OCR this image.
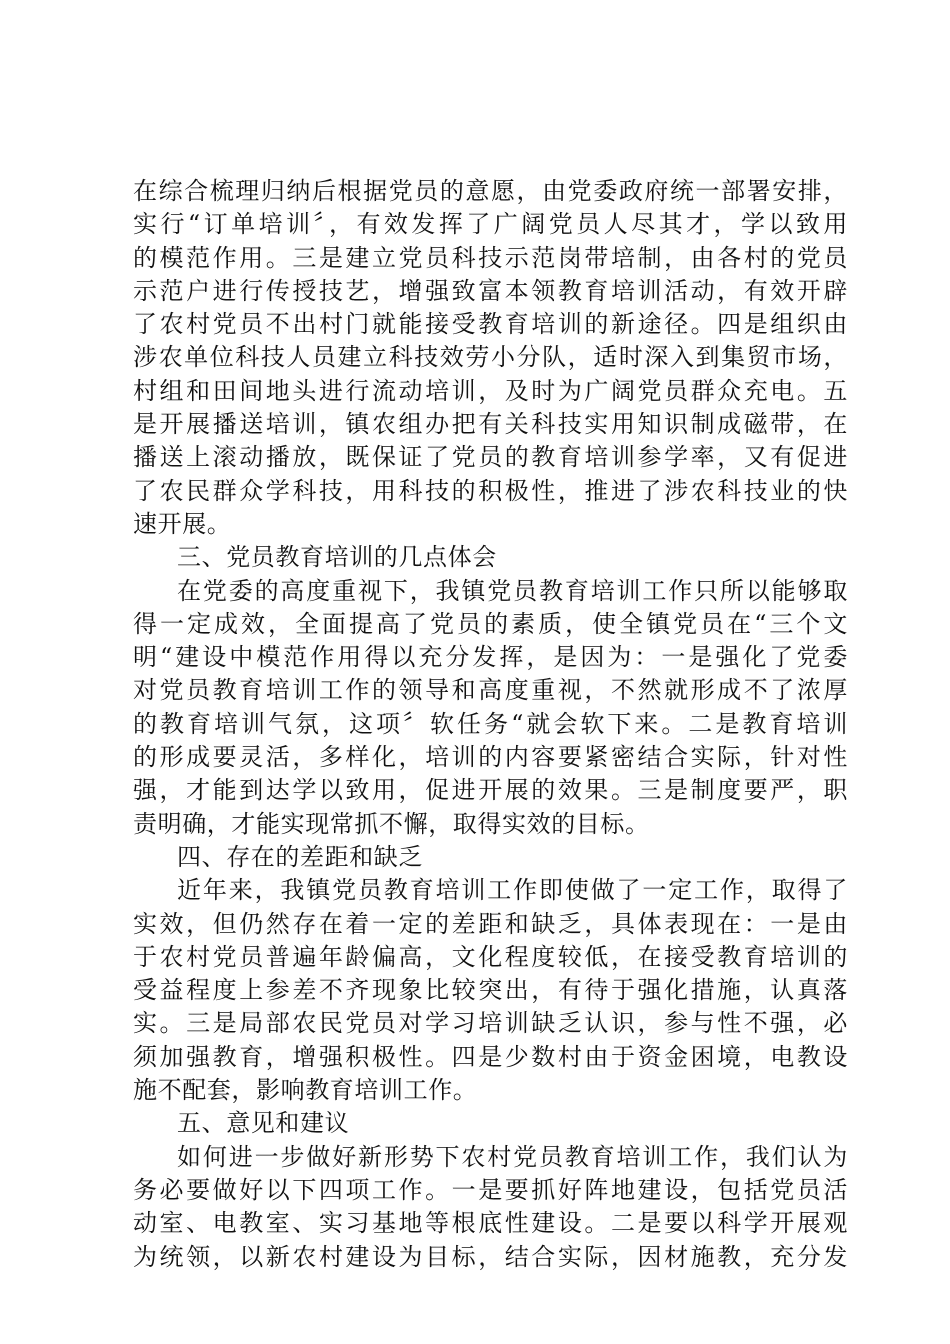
在综合梳理归纳后根据党员的意愿，由党委政府统一部署安排，
实行“订单培训〞，有效发挥了广阔党员人尽其才，学以致用
的模范作用。三是建立党员科技示范岗带培制，由各村的党员
示范户进行传授技艺，增强致富本领教育培训活动，有效开辟
了农村党员不出村门就能接受教育培训的新途径。四是组织由
涉农单位科技人员建立科技效劳小分队，适时深入到集贸市场，
村组和田间地头进行流动培训，及时为广阔党员群众充电。五
是开展播送培训，镇农组办把有关科技实用知识制成磁带，在
播送上滚动播放，既保证了党员的教育培训参学率，又有促进
了农民群众学科技，用科技的积极性，推进了涉农科技业的快
速开展。
三、党员教育培训的几点体会
在党委的高度重视下，我镇党员教育培训工作只所以能够取
得一定成效，全面提高了党员的素质，使全镇党员在“三个文
明“建设中模范作用得以充分发挥，是因为：一是强化了党委
对党员教育培训工作的领导和高度重视，不然就形成不了浓厚
的教育培训气氛，这项〞软任务“就会软下来。二是教育培训
的形成要灵活，多样化，培训的内容要紧密结合实际，针对性
强，才能到达学以致用，促进开展的效果。三是制度要严，职
责明确，才能实现常抓不懈，取得实效的目标。
四、存在的差距和缺乏
近年来，我镇党员教育培训工作即使做了一定工作，取得了
实效，但仍然存在着一定的差距和缺乏，具体表现在：一是由
于农村党员普遍年龄偏高，文化程度较低，在接受教育培训的
受益程度上参差不齐现象比较突出，有待于强化措施，认真落
实。三是局部农民党员对学习培训缺乏认识，参与性不强，必
须加强教育，增强积极性。四是少数村由于资金困境，电教设
施不配套，影响教育培训工作。
五、意见和建议
如何进一步做好新形势下农村党员教育培训工作，我们认为
务必要做好以下四项工作。一是要抓好阵地建设，包括党员活
动室、电教室、实习基地等根底性建设。二是要以科学开展观
为统领，以新农村建设为目标，结合实际，因材施教，充分发
